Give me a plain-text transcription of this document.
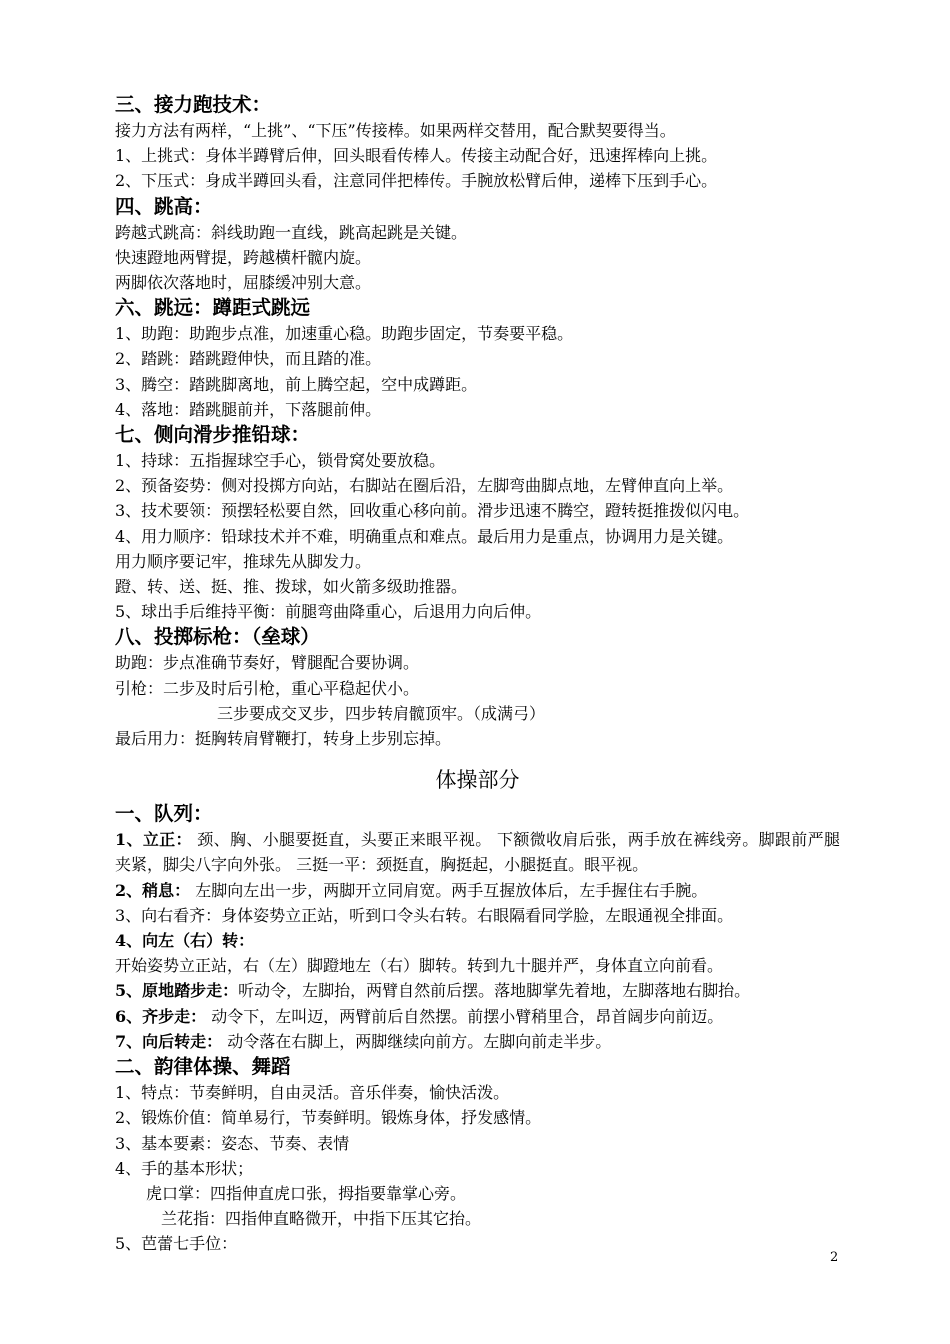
三、接力跑技术：
接力方法有两样，“上挑”、“下压”传接棒。如果两样交替用，配合默契要得当。
1、上挑式：身体半蹲臂后伸，回头眼看传棒人。传接主动配合好，迅速挥棒向上挑。
2、下压式：身成半蹲回头看，注意同伴把棒传。手腕放松臂后伸，递棒下压到手心。
四、跳高：
跨越式跳高：斜线助跑一直线，跳高起跳是关键。
快速蹬地两臂提，跨越横杆髋内旋。
两脚依次落地时，屈膝缓冲别大意。
六、跳远：蹲距式跳远
1、助跑：助跑步点准，加速重心稳。助跑步固定，节奏要平稳。
2、踏跳：踏跳蹬伸快，而且踏的准。
3、腾空：踏跳脚离地，前上腾空起，空中成蹲距。
4、落地：踏跳腿前并，下落腿前伸。
七、侧向滑步推铅球：
1、持球：五指握球空手心，锁骨窝处要放稳。
2、预备姿势：侧对投掷方向站，右脚站在圈后沿，左脚弯曲脚点地，左臂伸直向上举。
3、技术要领：预摆轻松要自然，回收重心移向前。滑步迅速不腾空，蹬转挺推拨似闪电。
4、用力顺序：铅球技术并不难，明确重点和难点。最后用力是重点，协调用力是关键。
用力顺序要记牢，推球先从脚发力。
蹬、转、送、挺、推、拨球，如火箭多级助推器。
5、球出手后维持平衡：前腿弯曲降重心，后退用力向后伸。
八、投掷标枪：（垒球）
助跑：步点准确节奏好，臂腿配合要协调。
引枪：二步及时后引枪，重心平稳起伏小。
三步要成交叉步，四步转肩髋顶牢。（成满弓）
最后用力：挺胸转肩臂鞭打，转身上步别忘掉。
体操部分
一、队列：
1、立正： 颈、胸、小腿要挺直，头要正来眼平视。 下额微收肩后张，两手放在裤线旁。脚跟前严腿夹紧，脚尖八字向外张。 三挺一平：颈挺直，胸挺起，小腿挺直。眼平视。
2、稍息： 左脚向左出一步，两脚开立同肩宽。两手互握放体后，左手握住右手腕。
3、向右看齐：身体姿势立正站，听到口令头右转。右眼隔看同学脸，左眼通视全排面。
4、向左（右）转：
开始姿势立正站，右（左）脚蹬地左（右）脚转。转到九十腿并严，身体直立向前看。
5、原地踏步走：听动令，左脚抬，两臂自然前后摆。落地脚掌先着地，左脚落地右脚抬。
6、齐步走： 动令下，左叫迈，两臂前后自然摆。前摆小臂稍里合，昂首阔步向前迈。
7、向后转走： 动令落在右脚上，两脚继续向前方。左脚向前走半步。
二、韵律体操、舞蹈
1、特点：节奏鲜明，自由灵活。音乐伴奏，愉快活泼。
2、锻炼价值：简单易行，节奏鲜明。锻炼身体，抒发感情。
3、基本要素：姿态、节奏、表情
4、手的基本形状；
虎口掌：四指伸直虎口张，拇指要靠掌心旁。
兰花指：四指伸直略微开，中指下压其它抬。
5、芭蕾七手位：
2
